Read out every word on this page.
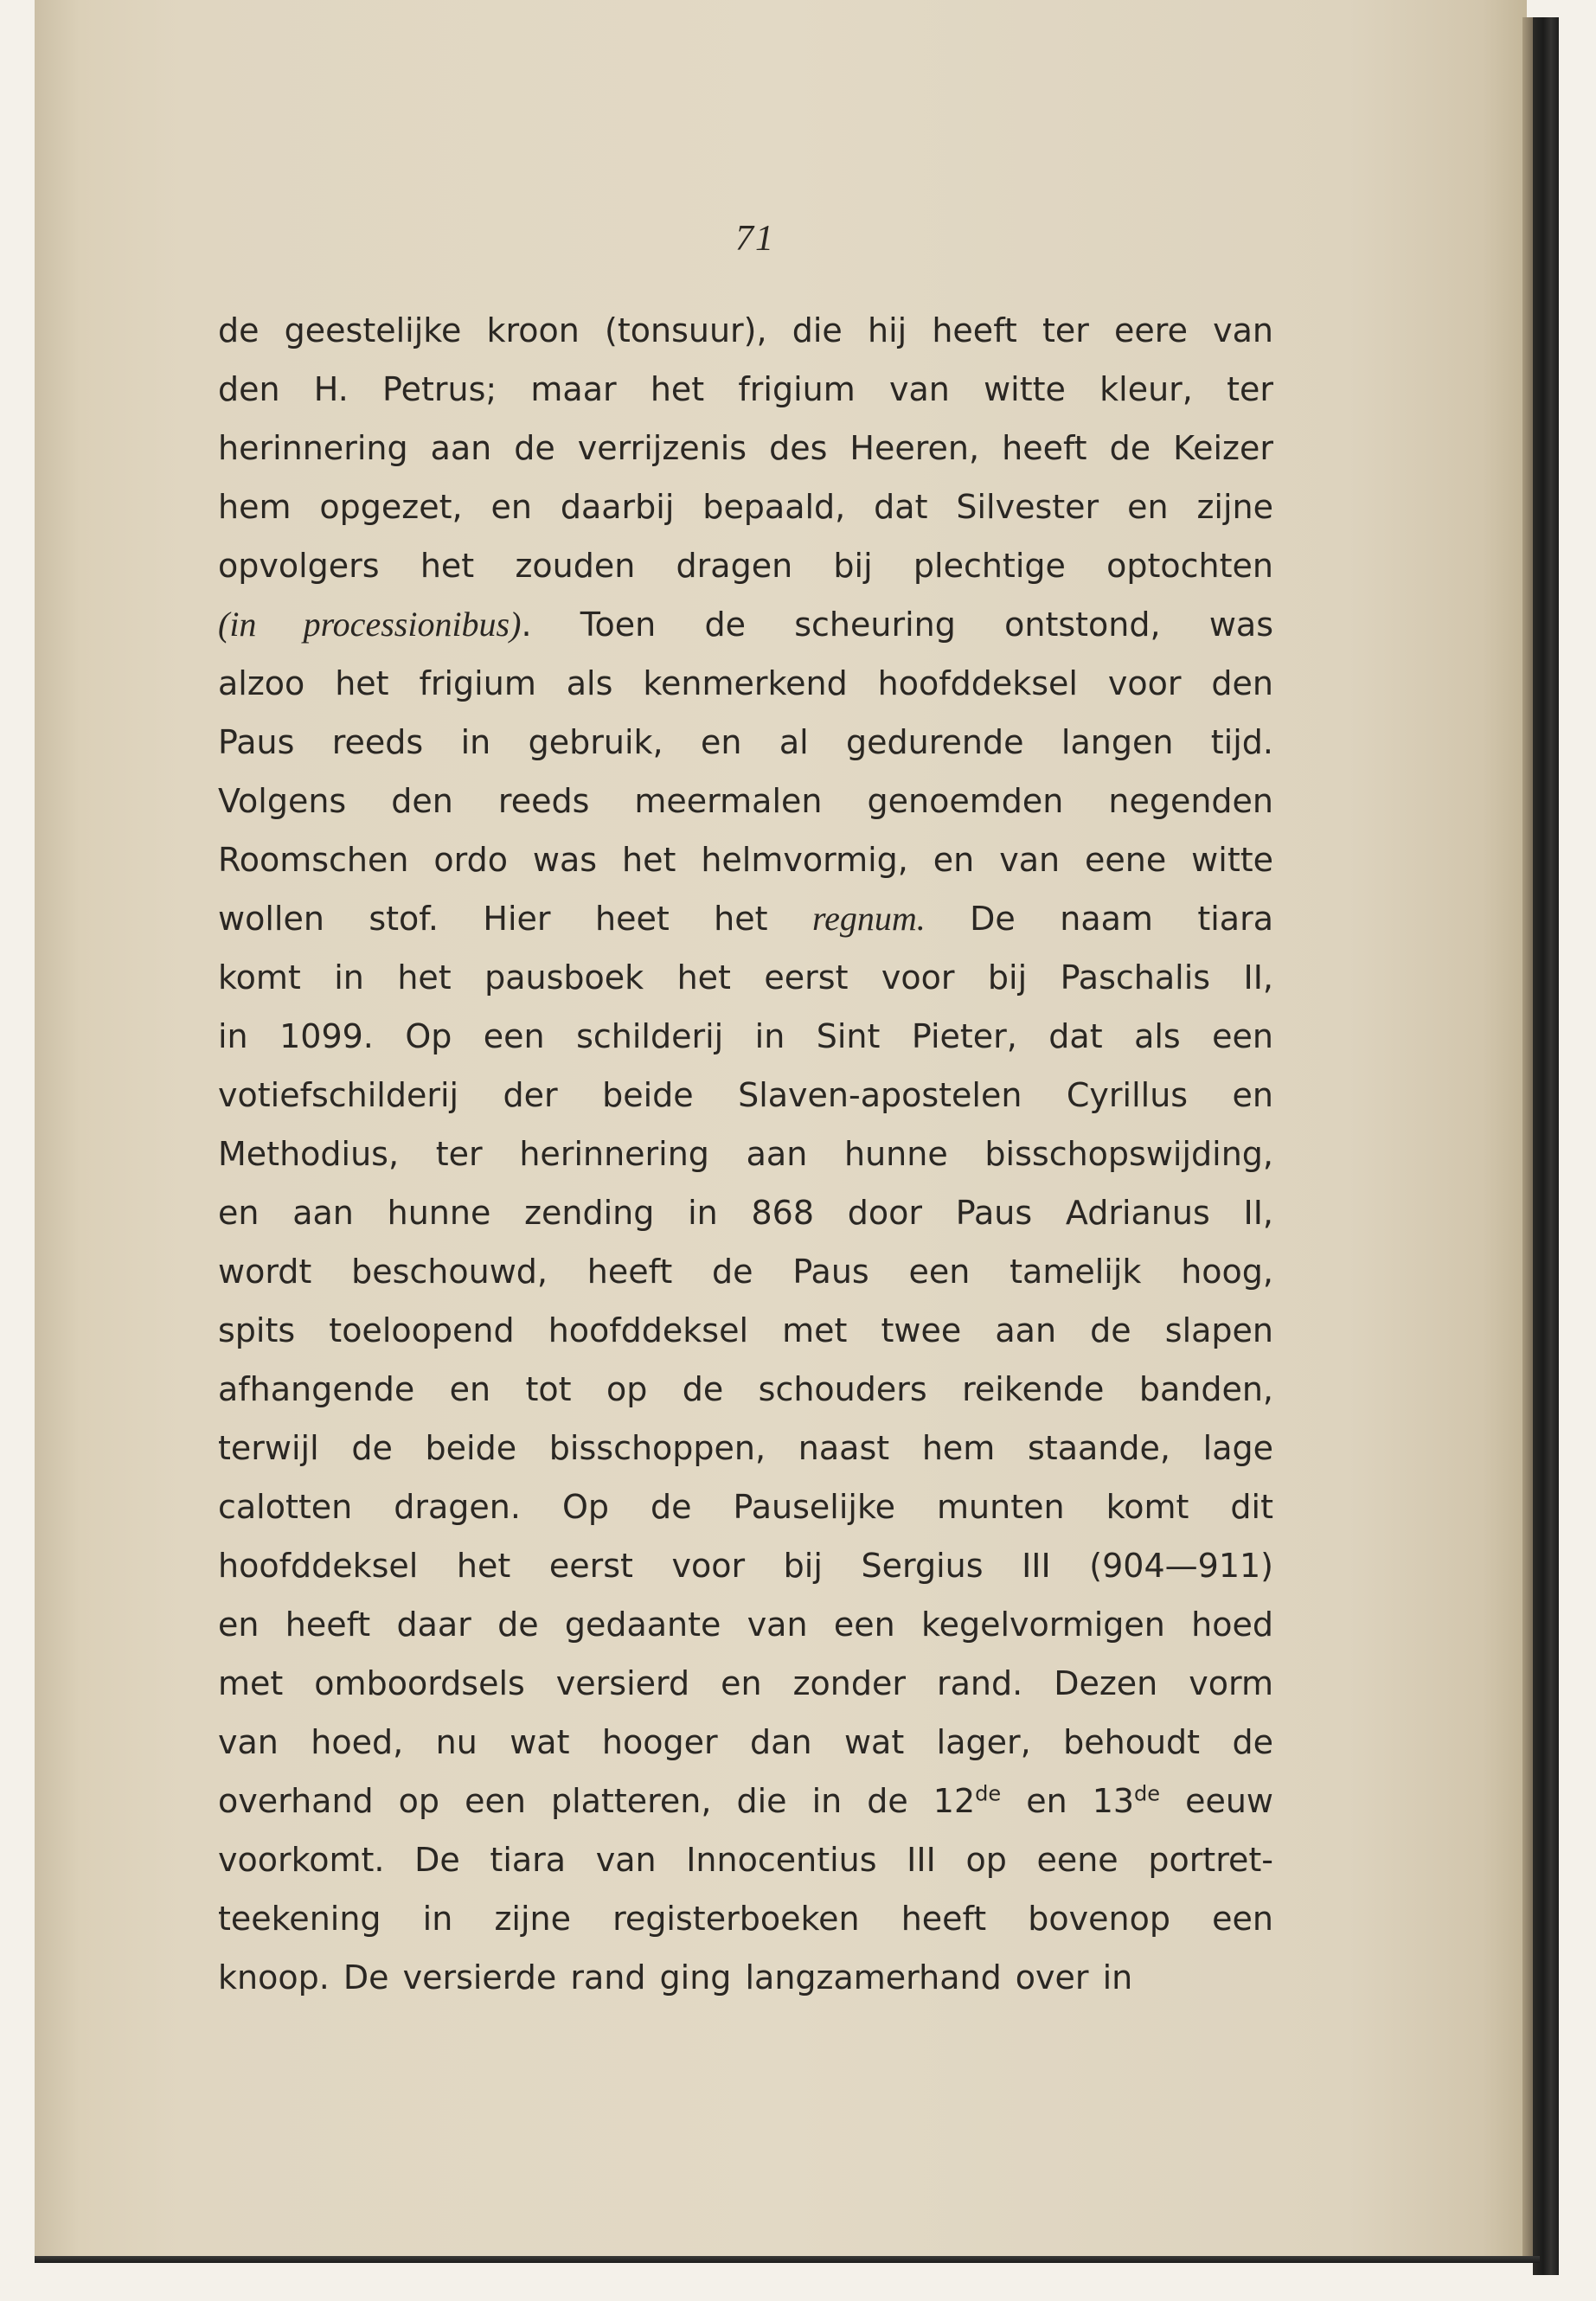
71
de geestelijke kroon (tonsuur), die hij heeft ter eere van
den H. Petrus; maar het frigium van witte kleur, ter
herinnering aan de verrijzenis des Heeren, heeft de Keizer
hem opgezet, en daarbij bepaald, dat Silvester en zijne
opvolgers het zouden dragen bij plechtige optochten
(in processionibus). Toen de scheuring ontstond, was
alzoo het frigium als kenmerkend hoofddeksel voor den
Paus reeds in gebruik, en al gedurende langen tijd.
Volgens den reeds meermalen genoemden negenden
Roomschen ordo was het helmvormig, en van eene witte
wollen stof. Hier heet het regnum. De naam tiara
komt in het pausboek het eerst voor bij Paschalis II,
in 1099. Op een schilderij in Sint Pieter, dat als een
votiefschilderij der beide Slaven-apostelen Cyrillus en
Methodius, ter herinnering aan hunne bisschopswijding,
en aan hunne zending in 868 door Paus Adrianus II,
wordt beschouwd, heeft de Paus een tamelijk hoog,
spits toeloopend hoofddeksel met twee aan de slapen
afhangende en tot op de schouders reikende banden,
terwijl de beide bisschoppen, naast hem staande, lage
calotten dragen. Op de Pauselijke munten komt dit
hoofddeksel het eerst voor bij Sergius III (904—911)
en heeft daar de gedaante van een kegelvormigen hoed
met omboordsels versierd en zonder rand. Dezen vorm
van hoed, nu wat hooger dan wat lager, behoudt de
overhand op een platteren, die in de 12de en 13de eeuw
voorkomt. De tiara van Innocentius III op eene portret-
teekening in zijne registerboeken heeft bovenop een
knoop. De versierde rand ging langzamerhand over in
